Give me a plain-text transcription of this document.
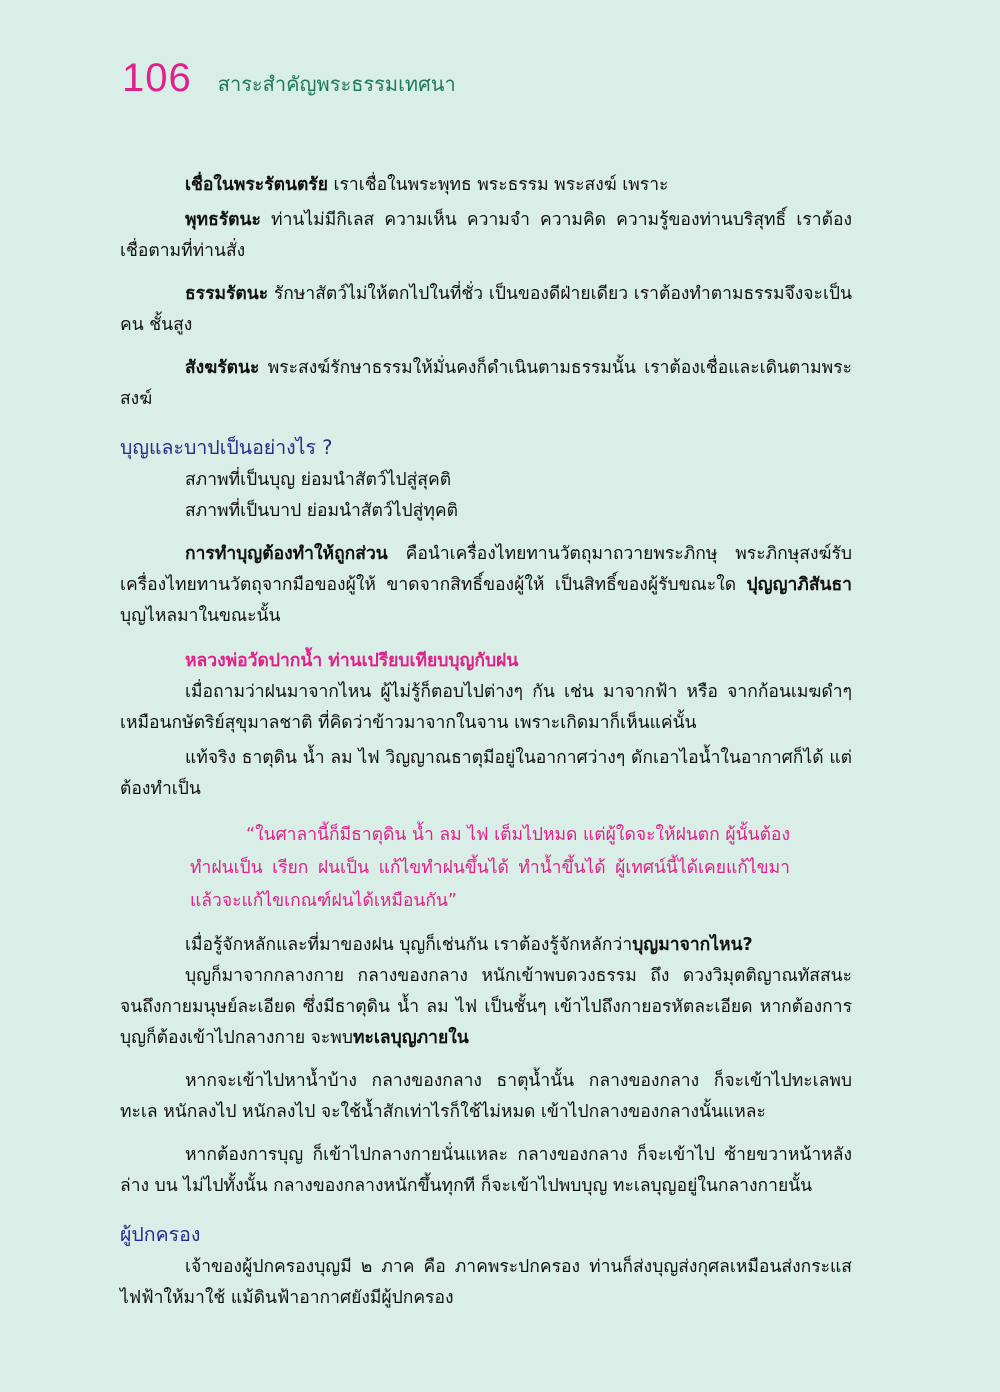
106 สาระสำคัญพระธรรมเทศนา

เชื่อในพระรัตนตรัย เราเชื่อในพระพุทธ พระธรรม พระสงฆ์ เพราะ

พุทธรัตนะ ท่านไม่มีกิเลส ความเห็น ความจำ ความคิด ความรู้ของท่านบริสุทธิ์ เราต้องเชื่อตามที่ท่านสั่ง

ธรรมรัตนะ รักษาสัตว์ไม่ให้ตกไปในที่ชั่ว เป็นของดีฝ่ายเดียว เราต้องทำตามธรรมจึงจะเป็นคน ชั้นสูง

สังฆรัตนะ พระสงฆ์รักษาธรรมให้มั่นคงก็ดำเนินตามธรรมนั้น เราต้องเชื่อและเดินตามพระสงฆ์

บุญและบาปเป็นอย่างไร ?

สภาพที่เป็นบุญ ย่อมนำสัตว์ไปสู่สุคติ

สภาพที่เป็นบาป ย่อมนำสัตว์ไปสู่ทุคติ

การทำบุญต้องทำให้ถูกส่วน คือนำเครื่องไทยทานวัตถุมาถวายพระภิกษุ พระภิกษุสงฆ์รับ เครื่องไทยทานวัตถุจากมือของผู้ให้ ขาดจากสิทธิ์ของผู้ให้ เป็นสิทธิ์ของผู้รับขณะใด ปุญญาภิสันธา บุญไหลมาในขณะนั้น

หลวงพ่อวัดปากน้ำ ท่านเปรียบเทียบบุญกับฝน

เมื่อถามว่าฝนมาจากไหน ผู้ไม่รู้ก็ตอบไปต่างๆ กัน เช่น มาจากฟ้า หรือ จากก้อนเมฆดำๆ เหมือนกษัตริย์สุขุมาลชาติ ที่คิดว่าข้าวมาจากในจาน เพราะเกิดมาก็เห็นแค่นั้น

แท้จริง ธาตุดิน น้ำ ลม ไฟ วิญญาณธาตุมีอยู่ในอากาศว่างๆ ดักเอาไอน้ำในอากาศก็ได้ แต่ต้องทำเป็น

“ในศาลานี้ก็มีธาตุดิน น้ำ ลม ไฟ เต็มไปหมด แต่ผู้ใดจะให้ฝนตก ผู้นั้นต้องทำฝนเป็น เรียก ฝนเป็น แก้ไขทำฝนขึ้นได้ ทำน้ำขึ้นได้ ผู้เทศน์นี้ได้เคยแก้ไขมาแล้วจะแก้ไขเกณฑ์ฝนได้เหมือนกัน”

เมื่อรู้จักหลักและที่มาของฝน บุญก็เช่นกัน เราต้องรู้จักหลักว่าบุญมาจากไหน?

บุญก็มาจากกลางกาย กลางของกลาง หนักเข้าพบดวงธรรม ถึง ดวงวิมุตติญาณทัสสนะ จนถึงกายมนุษย์ละเอียด ซึ่งมีธาตุดิน น้ำ ลม ไฟ เป็นชั้นๆ เข้าไปถึงกายอรหัตละเอียด หากต้องการบุญก็ต้องเข้าไปกลางกาย จะพบทะเลบุญภายใน

หากจะเข้าไปหาน้ำบ้าง กลางของกลาง ธาตุน้ำนั้น กลางของกลาง ก็จะเข้าไปทะเลพบทะเล หนักลงไป หนักลงไป จะใช้น้ำสักเท่าไรก็ใช้ไม่หมด เข้าไปกลางของกลางนั้นแหละ

หากต้องการบุญ ก็เข้าไปกลางกายนั่นแหละ กลางของกลาง ก็จะเข้าไป ซ้ายขวาหน้าหลัง ล่าง บน ไม่ไปทั้งนั้น กลางของกลางหนักขึ้นทุกที ก็จะเข้าไปพบบุญ ทะเลบุญอยู่ในกลางกายนั้น

ผู้ปกครอง

เจ้าของผู้ปกครองบุญมี ๒ ภาค คือ ภาคพระปกครอง ท่านก็ส่งบุญส่งกุศลเหมือนส่งกระแสไฟฟ้าให้มาใช้ แม้ดินฟ้าอากาศยังมีผู้ปกครอง
